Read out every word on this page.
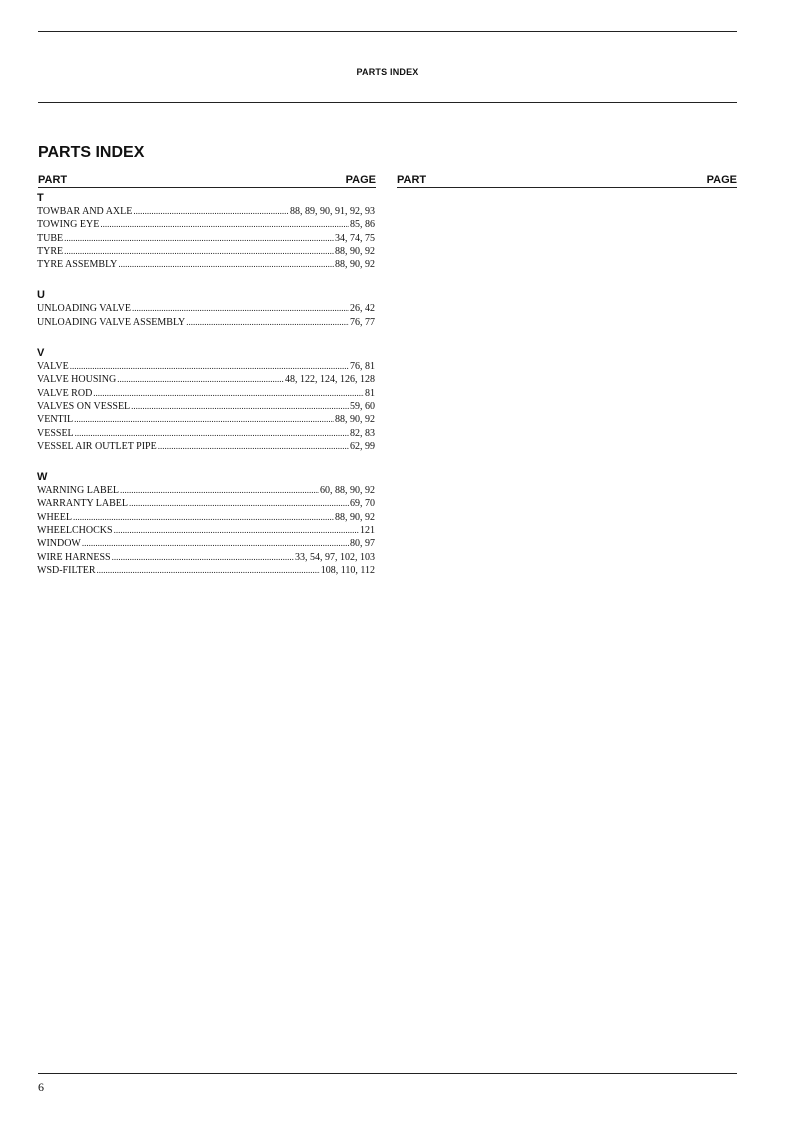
PARTS INDEX
PARTS INDEX
PART	PAGE PART	PAGE
T
TOWBAR AND AXLE .....	88, 89, 90, 91, 92, 93
TOWING EYE .....	85, 86
TUBE .....	34, 74, 75
TYRE .....	88, 90, 92
TYRE ASSEMBLY .....	88, 90, 92
U
UNLOADING VALVE .....	26, 42
UNLOADING VALVE ASSEMBLY .....	76, 77
V
VALVE .....	76, 81
VALVE HOUSING .....	48, 122, 124, 126, 128
VALVE ROD .....	81
VALVES ON VESSEL .....	59, 60
VENTIL .....	88, 90, 92
VESSEL .....	82, 83
VESSEL AIR OUTLET PIPE .....	62, 99
W
WARNING LABEL .....	60, 88, 90, 92
WARRANTY LABEL .....	69, 70
WHEEL .....	88, 90, 92
WHEELCHOCKS .....	121
WINDOW .....	80, 97
WIRE HARNESS .....	33, 54, 97, 102, 103
WSD-FILTER .....	108, 110, 112
6
